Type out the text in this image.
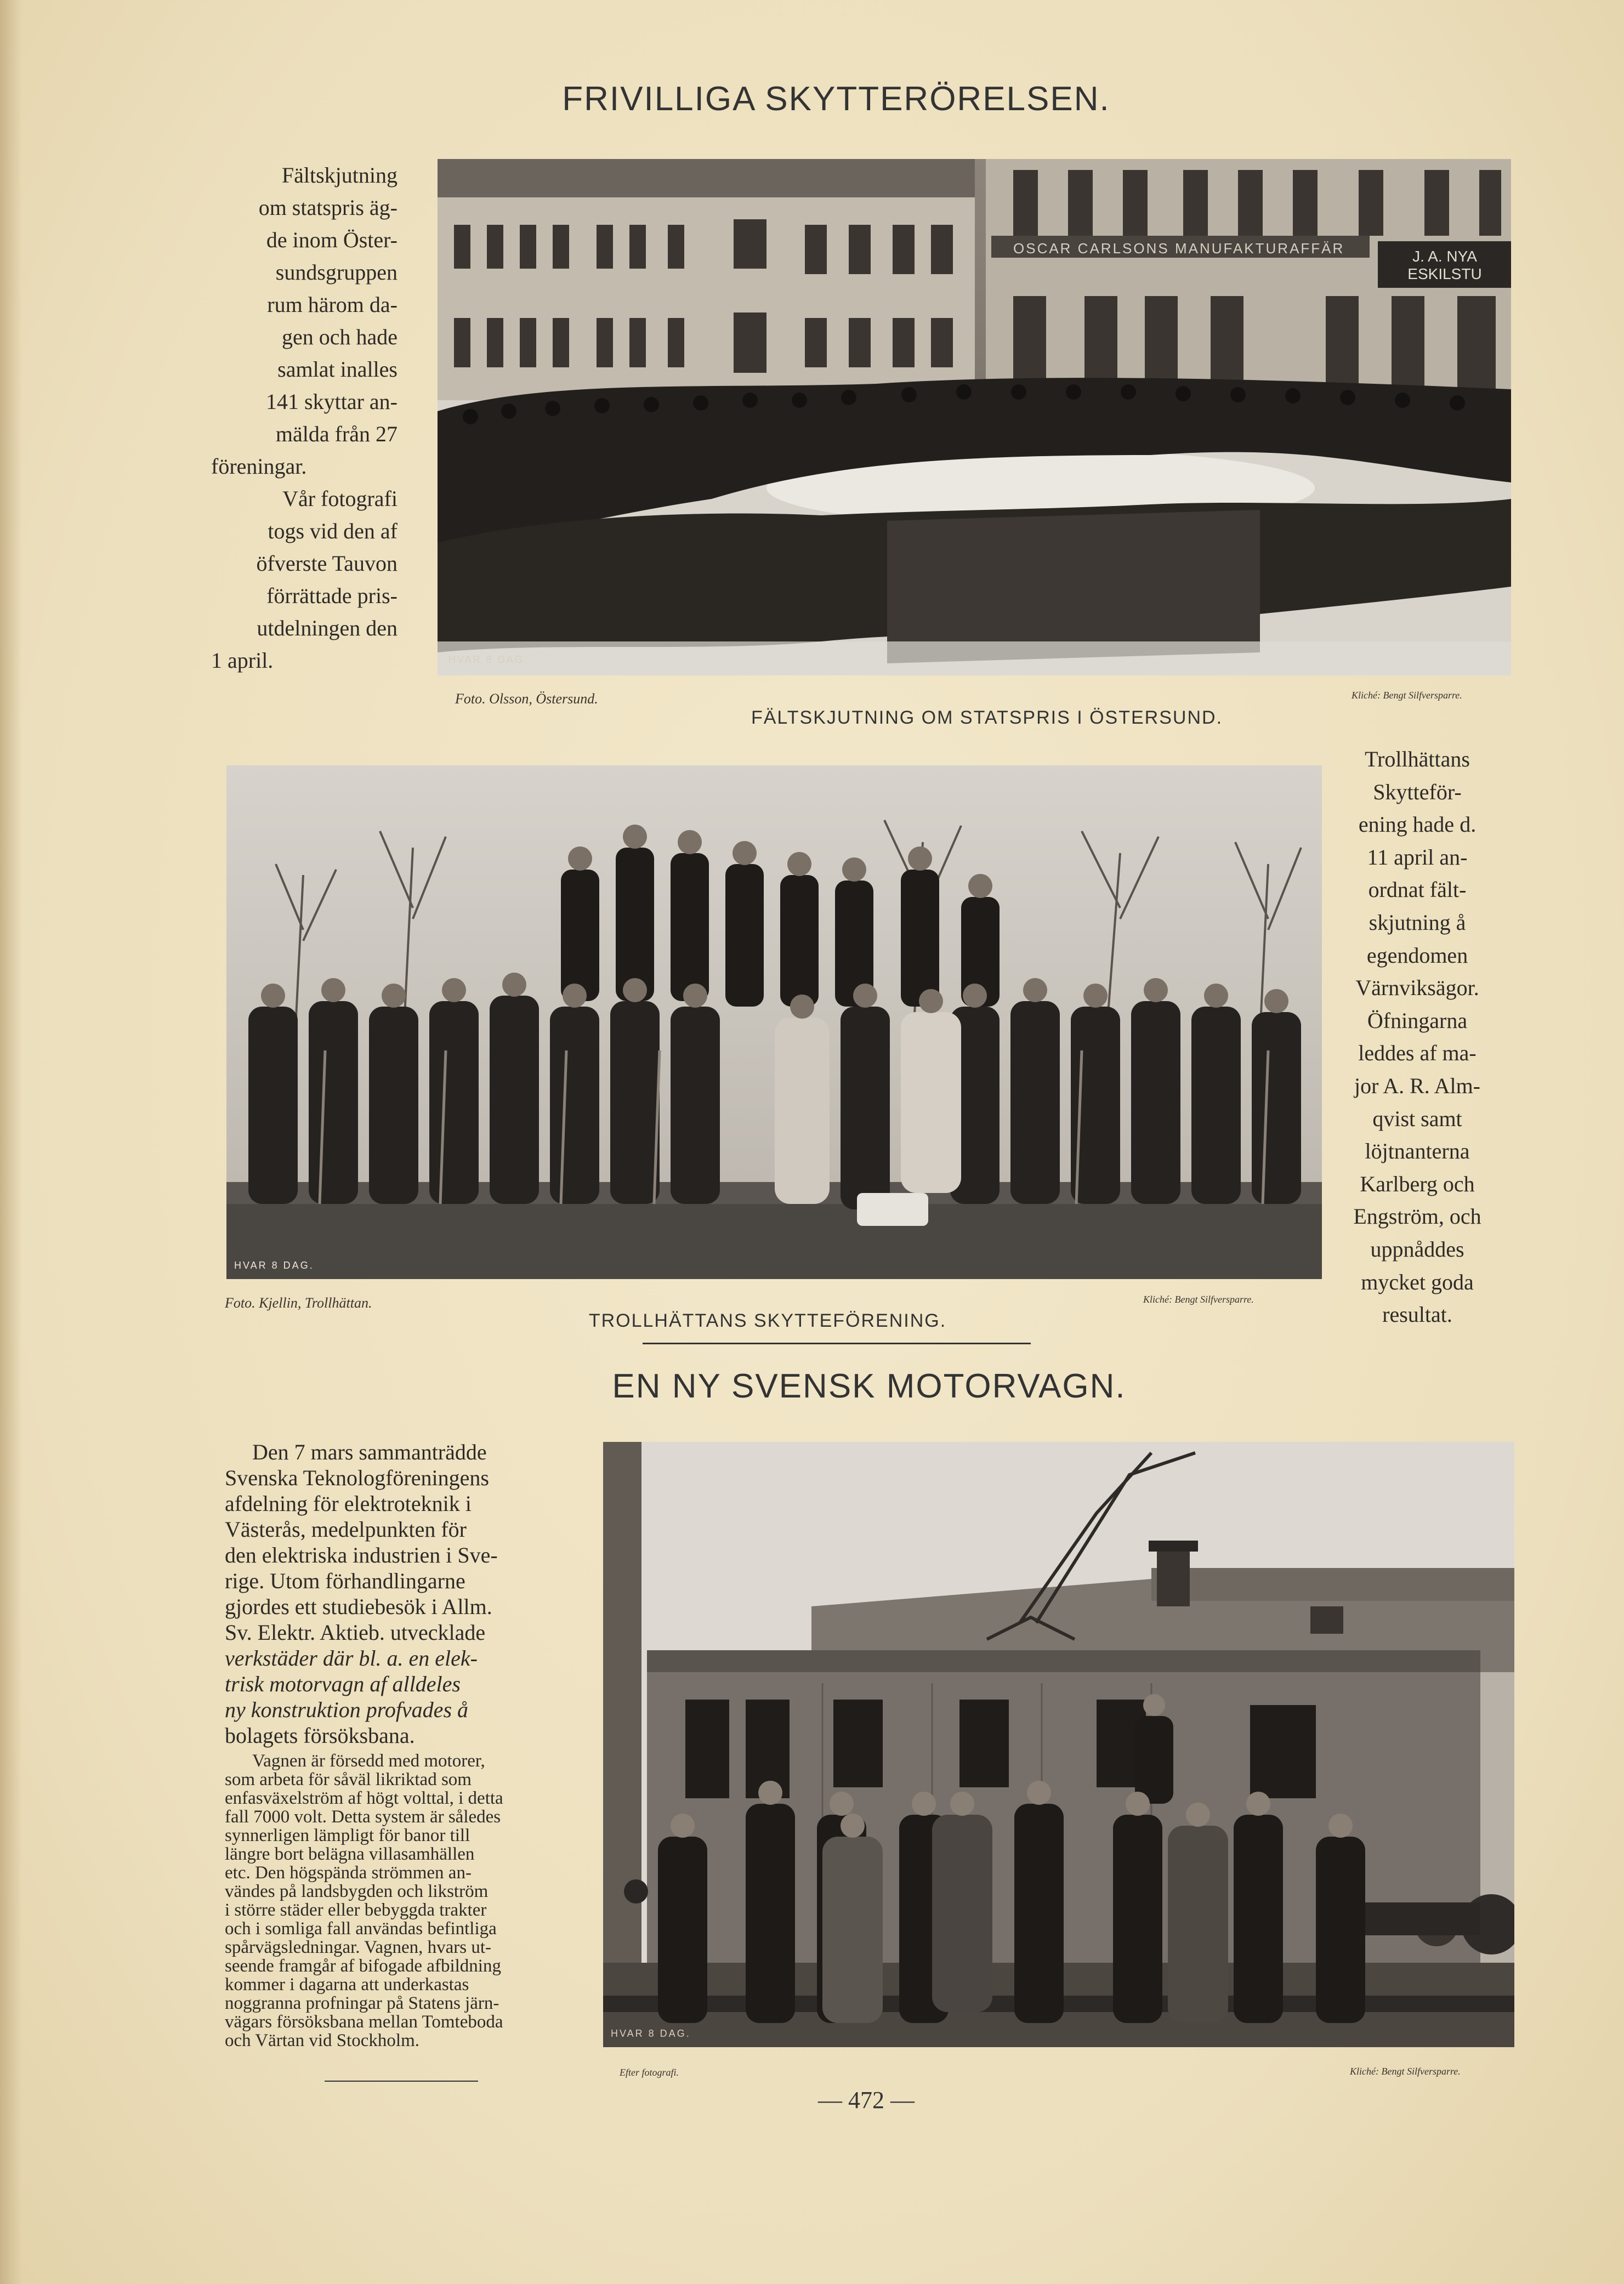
FRIVILLIGA SKYTTERÖRELSEN.

Fältskjutning

om statspris äg-

de inom Öster-

sundsgruppen

rum härom da-

gen och hade

samlat inalles

141 skyttar an-

mälda från 27

föreningar.

Vår fotografi

togs vid den af

öfverste Tauvon

förrättade pris-

utdelningen den

1 april.	HVAR 8 DAG.
OSCAR CARLSONS MANUFAKTURAFFÄR	J. A. NYA ESKILSTU
Foto. Olsson, Östersund.
FÄLTSKJUTNING OM STATSPRIS I ÖSTERSUND.
Kliché: Bengt Silfversparre.
HVAR 8 DAG.

Trollhättans

Skytteför-

ening hade d.

11 april an-

ordnat fält-

skjutning å

egendomen

Värnviksägor.

Öfningarna

leddes af ma-

jor A. R. Alm-

qvist samt

löjtnanterna

Karlberg och

Engström, och

uppnåddes

mycket goda

resultat.

Foto. Kjellin, Trollhättan.
TROLLHÄTTANS SKYTTEFÖRENING.
Kliché: Bengt Silfversparre.
EN NY SVENSK MOTORVAGN.

Den 7 mars sammanträdde

Svenska Teknologföreningens

afdelning för elektroteknik i

Västerås, medelpunkten för

den elektriska industrien i Sve-

rige. Utom förhandlingarne

gjordes ett studiebesök i Allm.

Sv. Elektr. Aktieb. utvecklade

verkstäder där bl. a. en elek-

trisk motorvagn af alldeles

ny konstruktion profvades å

bolagets försöksbana.

Vagnen är försedd med motorer,

som arbeta för såväl likriktad som

enfasväxelström af högt volttal, i detta

fall 7000 volt. Detta system är således

synnerligen lämpligt för banor till

längre bort belägna villasamhällen

etc. Den högspända strömmen an-

vändes på landsbygden och likström

i större städer eller bebyggda trakter

och i somliga fall användas befintliga

spårvägsledningar. Vagnen, hvars ut-

seende framgår af bifogade afbildning

kommer i dagarna att underkastas

noggranna profningar på Statens järn-

vägars försöksbana mellan Tomteboda

och Värtan vid Stockholm.	HVAR 8 DAG.
Efter fotografi.	Kliché: Bengt Silfversparre.
— 472 —
